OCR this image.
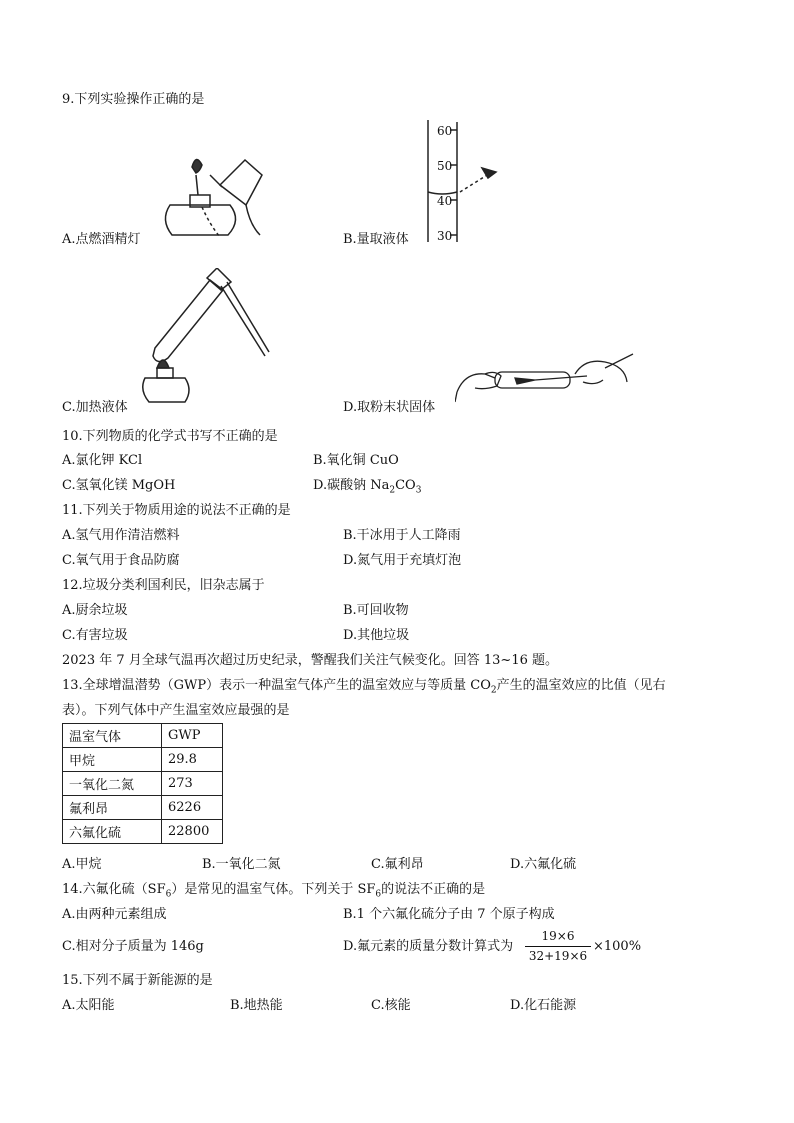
9.下列实验操作正确的是
A.点燃酒精灯
60
50
40
30
B.量取液体
C.加热液体	D.取粉末状固体
10.下列物质的化学式书写不正确的是
A.氯化钾 KCl	B.氧化铜 CuO
C.氢氧化镁 MgOH	D.碳酸钠 $Na_2CO_3$
11.下列关于物质用途的说法不正确的是
A.氢气用作清洁燃料	B.干冰用于人工降雨
C.氧气用于食品防腐	D.氮气用于充填灯泡
12.垃圾分类利国利民，旧杂志属于
A.厨余垃圾	B.可回收物
C.有害垃圾	D.其他垃圾
2023 年 7 月全球气温再次超过历史纪录，警醒我们关注气候变化。回答 13~16 题。
13.全球增温潜势（GWP）表示一种温室气体产生的温室效应与等质量 $CO_2$产生的温室效应的比值（见右
表）。下列气体中产生温室效应最强的是
温室气体	GWP
甲烷	29.8
一氧化二氮	273
氟利昂	6226
六氟化硫	22800
A.甲烷	B.一氧化二氮	C.氟利昂	D.六氟化硫
14.六氟化硫$(SF_6)$是常见的温室气体。下列关于 $SF_6$的说法不正确的是
A.由两种元素组成	B.1 个六氟化硫分子由 7 个原子构成
C.相对分子质量为 146g	D.氟元素的质量分数计算式为 $\frac{19\times 6}{32+19\times 6} \times 100\%$
15.下列不属于新能源的是
A.太阳能	B.地热能	C.核能	D.化石能源
